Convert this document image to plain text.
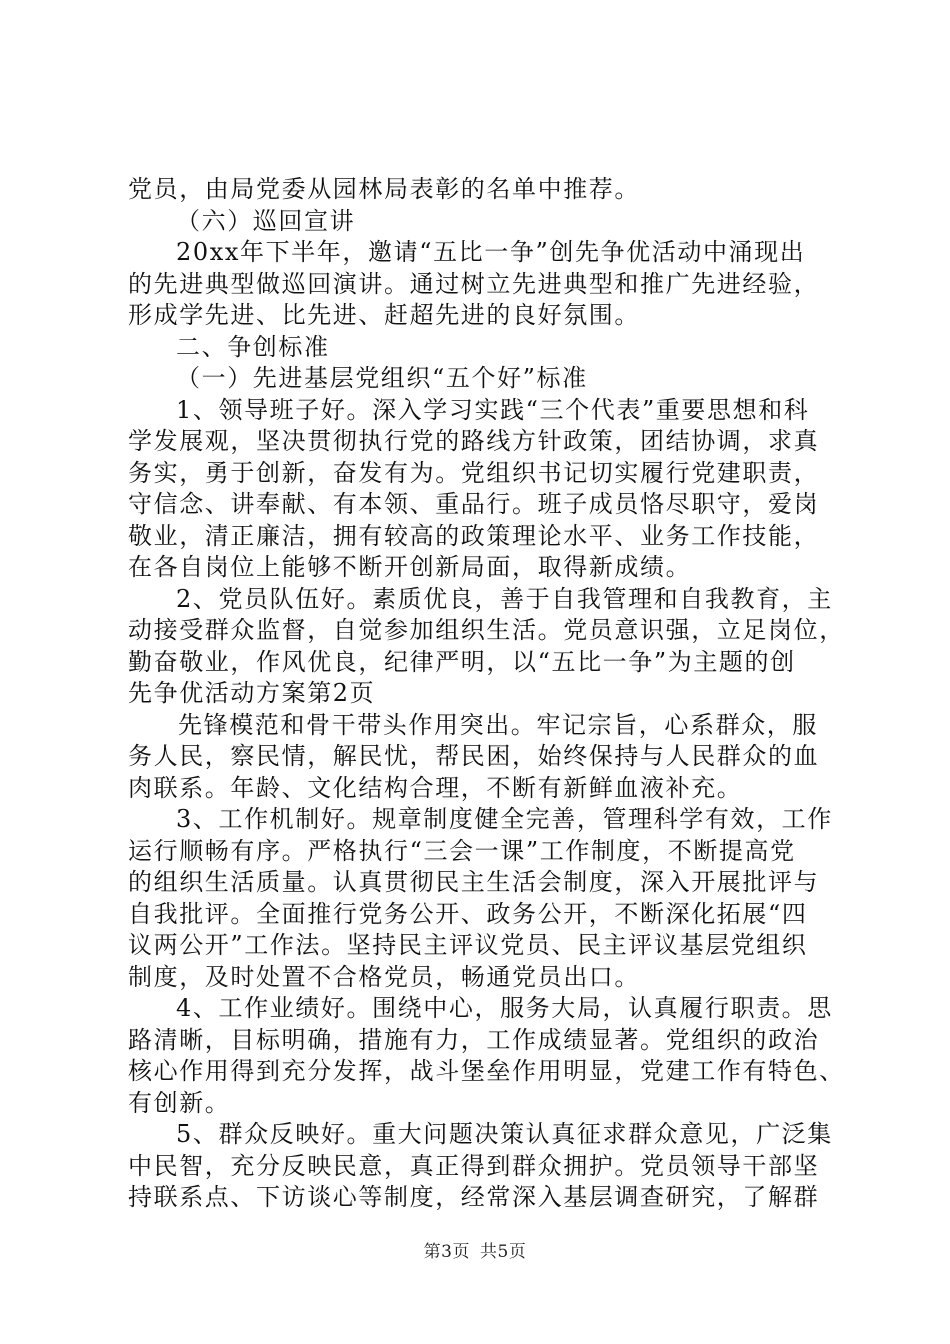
党员，由局党委从园林局表彰的名单中推荐。
（六）巡回宣讲
20xx年下半年，邀请“五比一争”创先争优活动中涌现出
的先进典型做巡回演讲。通过树立先进典型和推广先进经验，
形成学先进、比先进、赶超先进的良好氛围。
二、争创标准
（一）先进基层党组织“五个好”标准
1、领导班子好。深入学习实践“三个代表”重要思想和科
学发展观，坚决贯彻执行党的路线方针政策，团结协调，求真
务实，勇于创新，奋发有为。党组织书记切实履行党建职责，
守信念、讲奉献、有本领、重品行。班子成员恪尽职守，爱岗
敬业，清正廉洁，拥有较高的政策理论水平、业务工作技能，
在各自岗位上能够不断开创新局面，取得新成绩。
2、党员队伍好。素质优良，善于自我管理和自我教育，主
动接受群众监督，自觉参加组织生活。党员意识强，立足岗位，
勤奋敬业，作风优良，纪律严明，以“五比一争”为主题的创
先争优活动方案第2页
先锋模范和骨干带头作用突出。牢记宗旨，心系群众，服
务人民，察民情，解民忧，帮民困，始终保持与人民群众的血
肉联系。年龄、文化结构合理，不断有新鲜血液补充。
3、工作机制好。规章制度健全完善，管理科学有效，工作
运行顺畅有序。严格执行“三会一课”工作制度，不断提高党
的组织生活质量。认真贯彻民主生活会制度，深入开展批评与
自我批评。全面推行党务公开、政务公开，不断深化拓展“四
议两公开”工作法。坚持民主评议党员、民主评议基层党组织
制度，及时处置不合格党员，畅通党员出口。
4、工作业绩好。围绕中心，服务大局，认真履行职责。思
路清晰，目标明确，措施有力，工作成绩显著。党组织的政治
核心作用得到充分发挥，战斗堡垒作用明显，党建工作有特色、
有创新。
5、群众反映好。重大问题决策认真征求群众意见，广泛集
中民智，充分反映民意，真正得到群众拥护。党员领导干部坚
持联系点、下访谈心等制度，经常深入基层调查研究，了解群
第3页 共5页
